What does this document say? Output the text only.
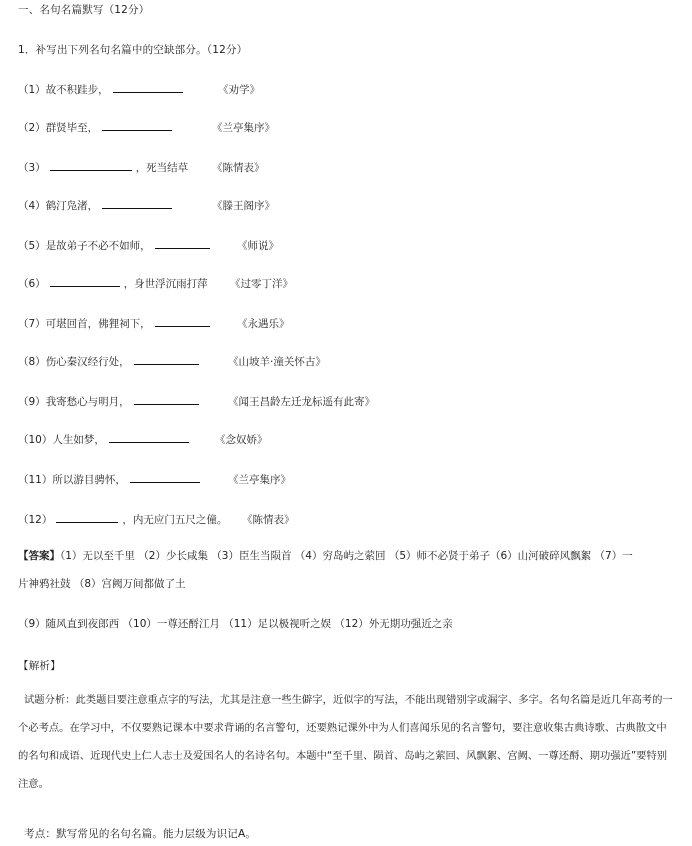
一、名句名篇默写（12分）
1．补写出下列名句名篇中的空缺部分。（12分）
（1）故不积跬步，	《劝学》
（2）群贤毕至，	《兰亭集序》
（3）	，死当结草 《陈情表》
（4）鹤汀凫渚，	《滕王阁序》
（5）是故弟子不必不如师，	《师说》
（6）	，身世浮沉雨打萍 《过零丁洋》
（7）可堪回首，佛狸祠下，	《永遇乐》
（8）伤心秦汉经行处，	《山坡羊·潼关怀古》
（9）我寄愁心与明月，	《闻王昌龄左迁龙标遥有此寄》
（10）人生如梦，	《念奴娇》
（11）所以游目骋怀，	《兰亭集序》
（12）	，内无应门五尺之僮。 《陈情表》
【答案】（1）无以至千里 （2）少长咸集 （3）臣生当陨首 （4）穷岛屿之萦回 （5）师不必贤于弟子（6）山河破碎风飘絮 （7）一
片神鸦社鼓 （8）宫阙万间都做了土
（9）随风直到夜郎西 （10）一尊还酹江月 （11）足以极视听之娱 （12）外无期功强近之亲
【解析】
试题分析：此类题目要注意重点字的写法，尤其是注意一些生僻字，近似字的写法，不能出现错别字或漏字、多字。名句名篇是近几年高考的一个必考点。在学习中，不仅要熟记课本中要求背诵的名言警句，还要熟记课外中为人们喜闻乐见的名言警句，要注意收集古典诗歌、古典散文中的名句和成语、近现代史上仁人志士及爱国名人的名诗名句。本题中“至千里、陨首、岛屿之萦回、风飘絮、宫阙、一尊还酹、期功强近”要特别注意。
考点：默写常见的名句名篇。能力层级为识记A。
